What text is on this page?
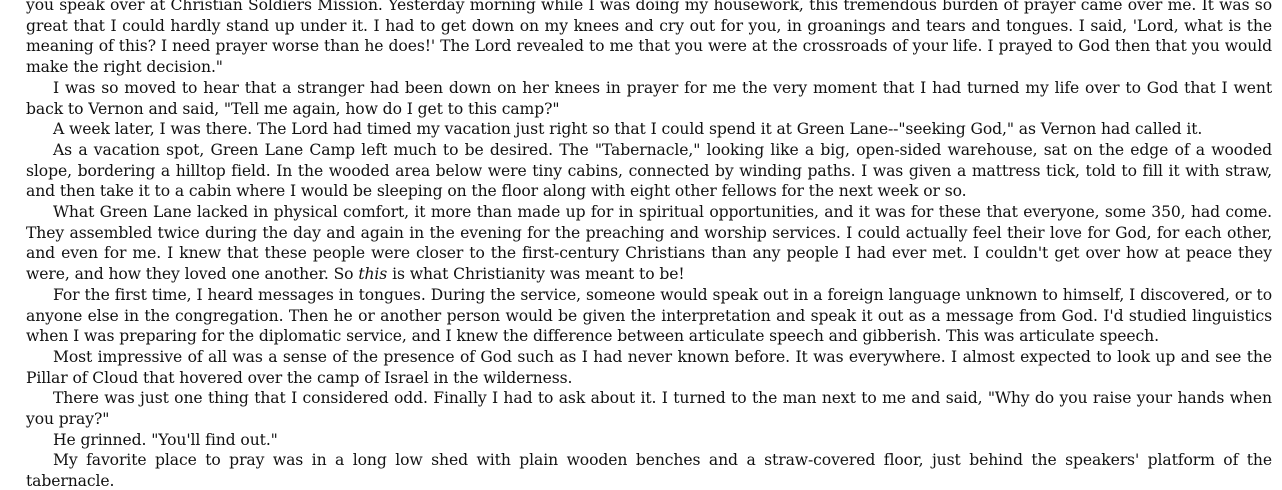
you speak over at Christian Soldiers Mission. Yesterday morning while I was doing my housework, this tremendous burden of prayer came over me. It was so great that I could hardly stand up under it. I had to get down on my knees and cry out for you, in groanings and tears and tongues. I said, 'Lord, what is the meaning of this? I need prayer worse than he does!' The Lord revealed to me that you were at the crossroads of your life. I prayed to God then that you would make the right decision."

I was so moved to hear that a stranger had been down on her knees in prayer for me the very moment that I had turned my life over to God that I went back to Vernon and said, "Tell me again, how do I get to this camp?"

A week later, I was there. The Lord had timed my vacation just right so that I could spend it at Green Lane--"seeking God," as Vernon had called it.

As a vacation spot, Green Lane Camp left much to be desired. The "Tabernacle," looking like a big, open-sided warehouse, sat on the edge of a wooded slope, bordering a hilltop field. In the wooded area below were tiny cabins, connected by winding paths. I was given a mattress tick, told to fill it with straw, and then take it to a cabin where I would be sleeping on the floor along with eight other fellows for the next week or so.

What Green Lane lacked in physical comfort, it more than made up for in spiritual opportunities, and it was for these that everyone, some 350, had come. They assembled twice during the day and again in the evening for the preaching and worship services. I could actually feel their love for God, for each other, and even for me. I knew that these people were closer to the first-century Christians than any people I had ever met. I couldn't get over how at peace they were, and how they loved one another. So this is what Christianity was meant to be!

For the first time, I heard messages in tongues. During the service, someone would speak out in a foreign language unknown to himself, I discovered, or to anyone else in the congregation. Then he or another person would be given the interpretation and speak it out as a message from God. I'd studied linguistics when I was preparing for the diplomatic service, and I knew the difference between articulate speech and gibberish. This was articulate speech.

Most impressive of all was a sense of the presence of God such as I had never known before. It was everywhere. I almost expected to look up and see the Pillar of Cloud that hovered over the camp of Israel in the wilderness.

There was just one thing that I considered odd. Finally I had to ask about it. I turned to the man next to me and said, "Why do you raise your hands when you pray?"

He grinned. "You'll find out."

My favorite place to pray was in a long low shed with plain wooden benches and a straw-covered floor, just behind the speakers' platform of the tabernacle.
